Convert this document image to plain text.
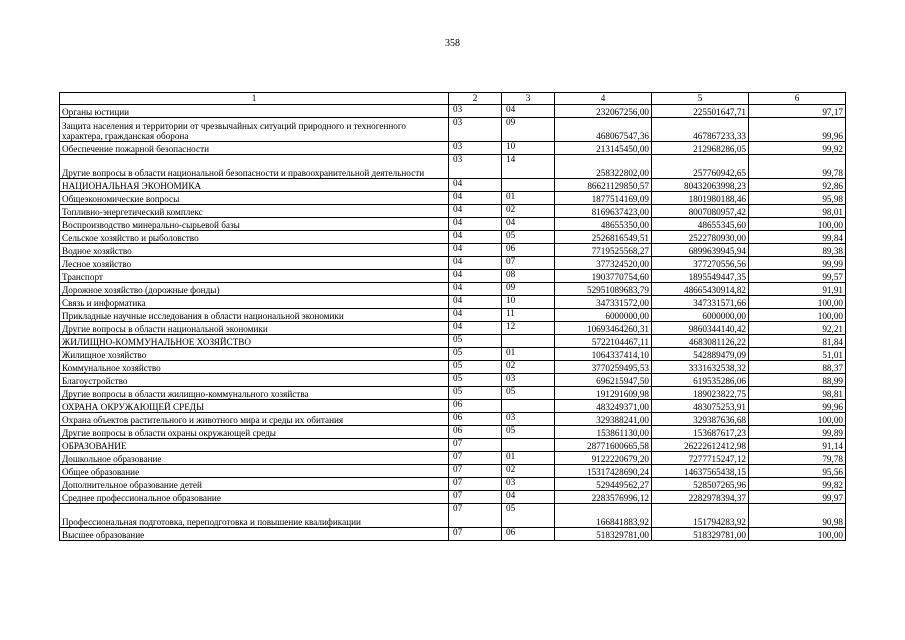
358
1	2	3	4	5	6
Органы юстиции	03	04	232067256,00	225501647,71	97,17
Защита населения и территории от чрезвычайных ситуаций природного и техногенного характера, гражданская оборона	03	09	468067547,36	467867233,33	99,96
Обеспечение пожарной безопасности	03	10	213145450,00	212968286,05	99,92
Другие вопросы в области национальной безопасности и правоохранительной деятельности	03	14	258322802,00	257760942,65	99,78
НАЦИОНАЛЬНАЯ ЭКОНОМИКА	04		86621129850,57	80432063998,23	92,86
Общеэкономические вопросы	04	01	1877514169,09	1801980188,46	95,98
Топливно-энергетический комплекс	04	02	8169637423,00	8007080957,42	98,01
Воспроизводство минерально-сырьевой базы	04	04	48655350,00	48655345,60	100,00
Сельское хозяйство и рыболовство	04	05	2526816549,51	2522780930,00	99,84
Водное хозяйство	04	06	7719525568,27	6899639945,94	89,38
Лесное хозяйство	04	07	377324520,00	377270556,56	99,99
Транспорт	04	08	1903770754,60	1895549447,35	99,57
Дорожное хозяйство (дорожные фонды)	04	09	52951089683,79	48665430914,82	91,91
Связь и информатика	04	10	347331572,00	347331571,66	100,00
Прикладные научные исследования в области национальной экономики	04	11	6000000,00	6000000,00	100,00
Другие вопросы в области национальной экономики	04	12	10693464260,31	9860344140,42	92,21
ЖИЛИЩНО-КОММУНАЛЬНОЕ ХОЗЯЙСТВО	05		5722104467,11	4683081126,22	81,84
Жилищное хозяйство	05	01	1064337414,10	542889479,09	51,01
Коммунальное хозяйство	05	02	3770259495,53	3331632538,32	88,37
Благоустройство	05	03	696215947,50	619535286,06	88,99
Другие вопросы в области жилищно-коммунального хозяйства	05	05	191291609,98	189023822,75	98,81
ОХРАНА ОКРУЖАЮЩЕЙ СРЕДЫ	06		483249371,00	483075253,91	99,96
Охрана объектов растительного и животного мира и среды их обитания	06	03	329388241,00	329387636,68	100,00
Другие вопросы в области охраны окружающей среды	06	05	153861130,00	153687617,23	99,89
ОБРАЗОВАНИЕ	07		28771600665,58	26222612412,98	91,14
Дошкольное образование	07	01	9122220679,20	7277715247,12	79,78
Общее образование	07	02	15317428690,24	14637565438,15	95,56
Дополнительное образование детей	07	03	529449562,27	528507265,96	99,82
Среднее профессиональное образование	07	04	2283576996,12	2282978394,37	99,97
Профессиональная подготовка, переподготовка и повышение квалификации	07	05	166841883,92	151794283,92	90,98
Высшее образование	07	06	518329781,00	518329781,00	100,00
